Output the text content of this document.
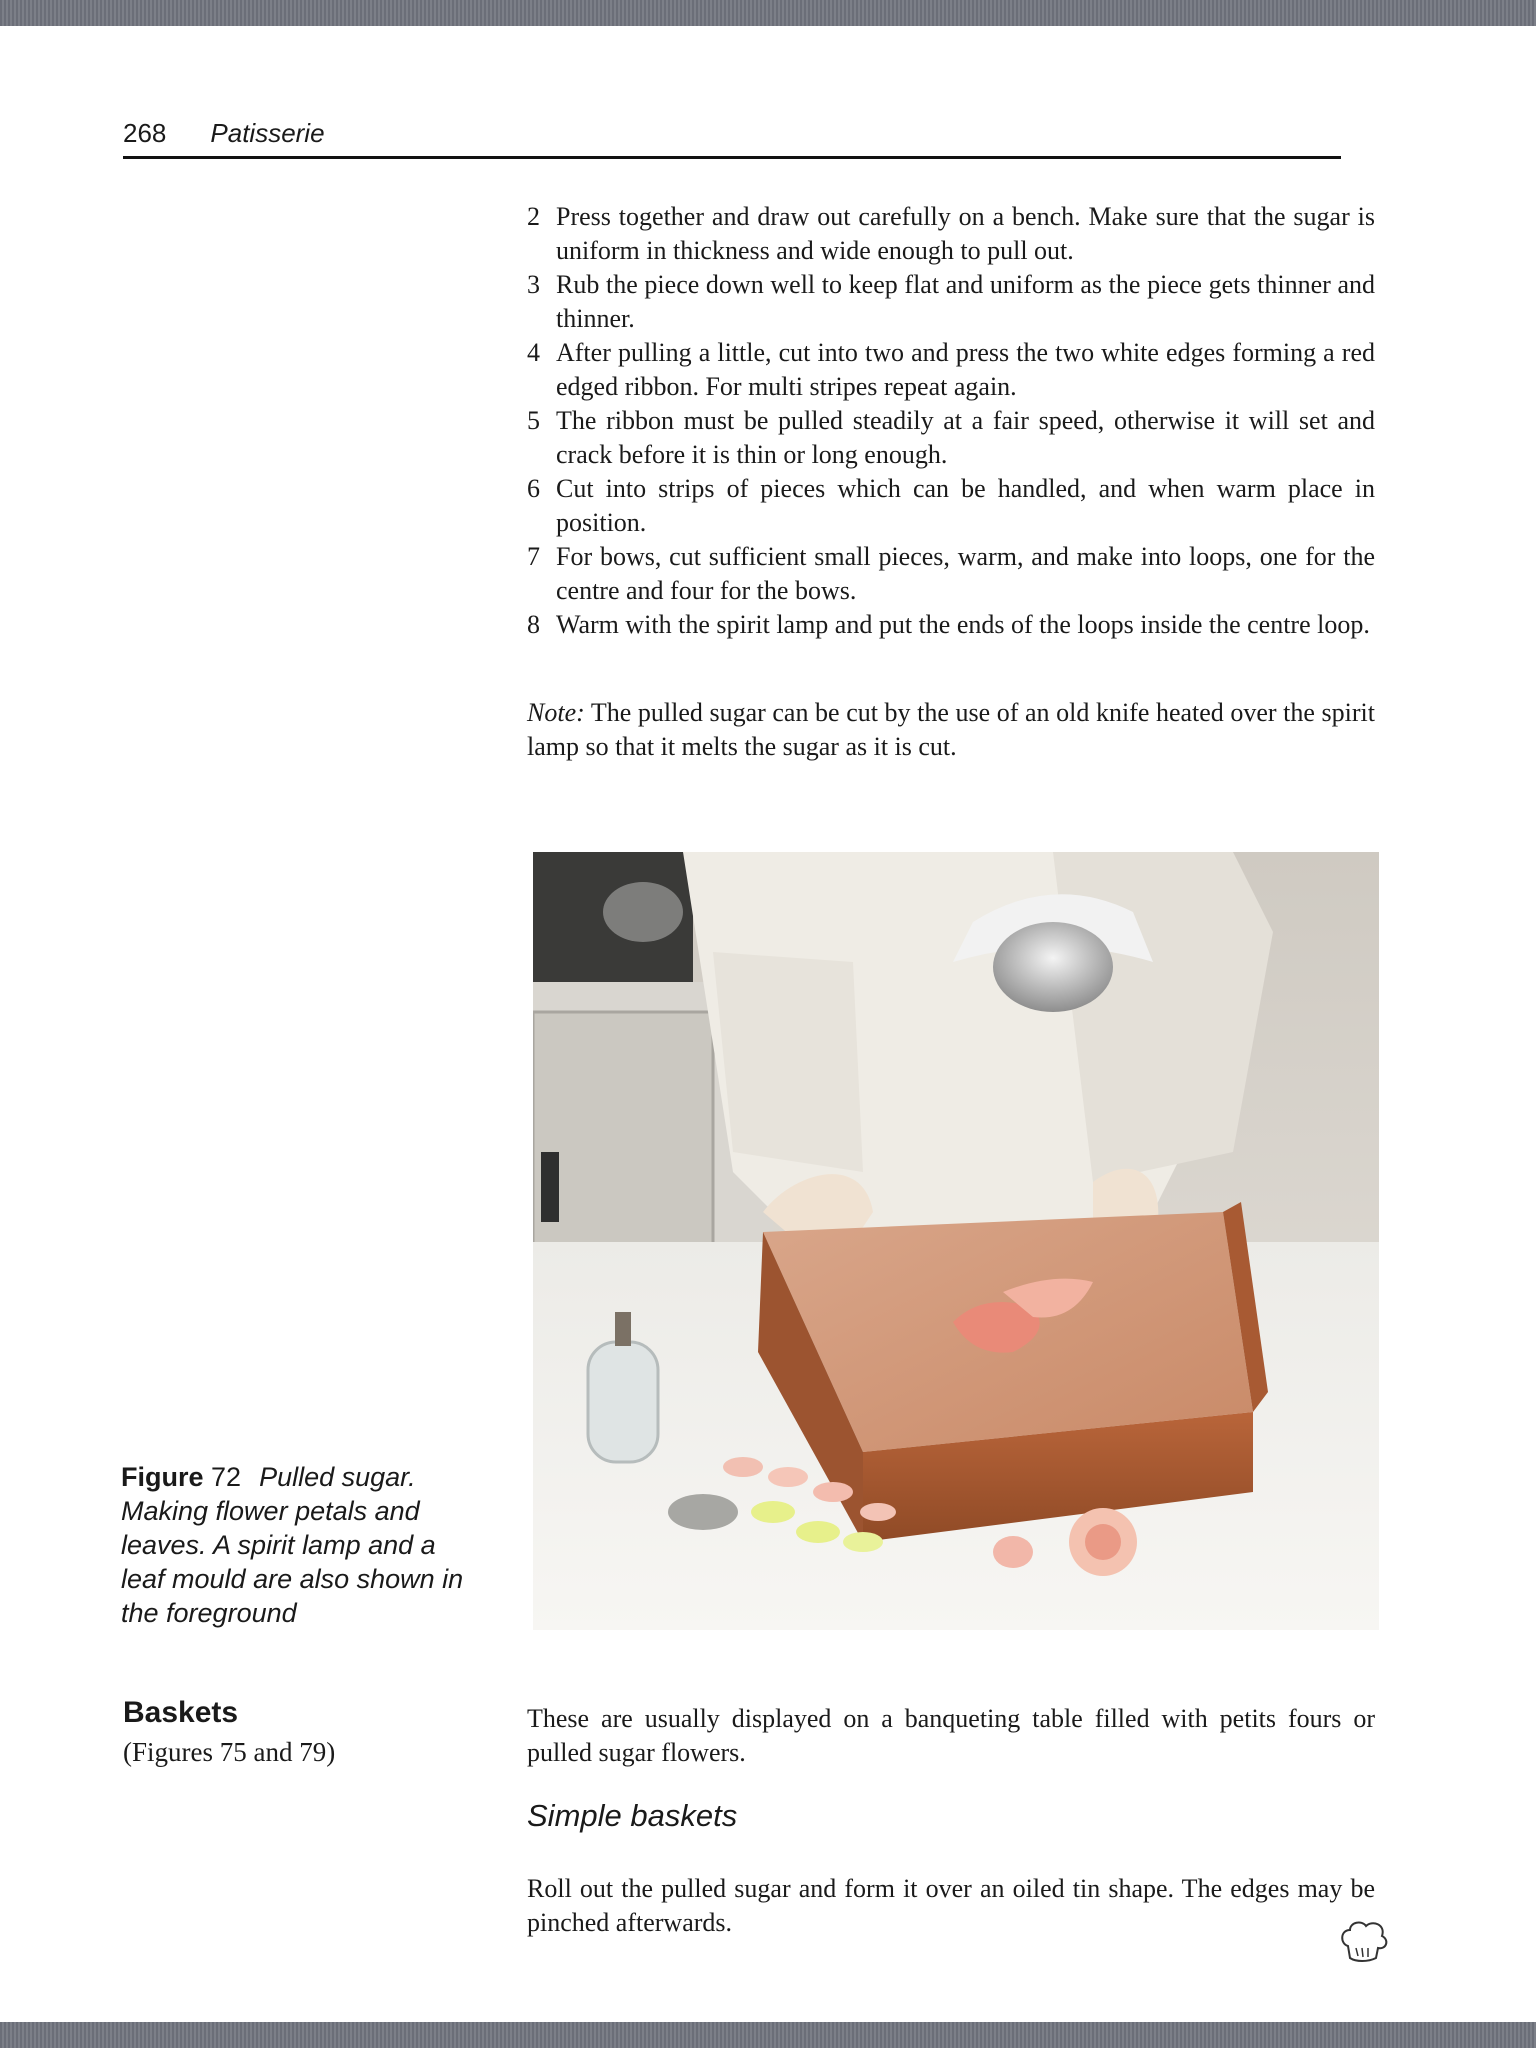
268 Patisserie
2 Press together and draw out carefully on a bench. Make sure that the sugar is uniform in thickness and wide enough to pull out.
3 Rub the piece down well to keep flat and uniform as the piece gets thinner and thinner.
4 After pulling a little, cut into two and press the two white edges forming a red edged ribbon. For multi stripes repeat again.
5 The ribbon must be pulled steadily at a fair speed, otherwise it will set and crack before it is thin or long enough.
6 Cut into strips of pieces which can be handled, and when warm place in position.
7 For bows, cut sufficient small pieces, warm, and make into loops, one for the centre and four for the bows.
8 Warm with the spirit lamp and put the ends of the loops inside the centre loop.
Note: The pulled sugar can be cut by the use of an old knife heated over the spirit lamp so that it melts the sugar as it is cut.
Figure 72 Pulled sugar. Making flower petals and leaves. A spirit lamp and a leaf mould are also shown in the foreground
Baskets
(Figures 75 and 79)
These are usually displayed on a banqueting table filled with petits fours or pulled sugar flowers.
Simple baskets
Roll out the pulled sugar and form it over an oiled tin shape. The edges may be pinched afterwards.
